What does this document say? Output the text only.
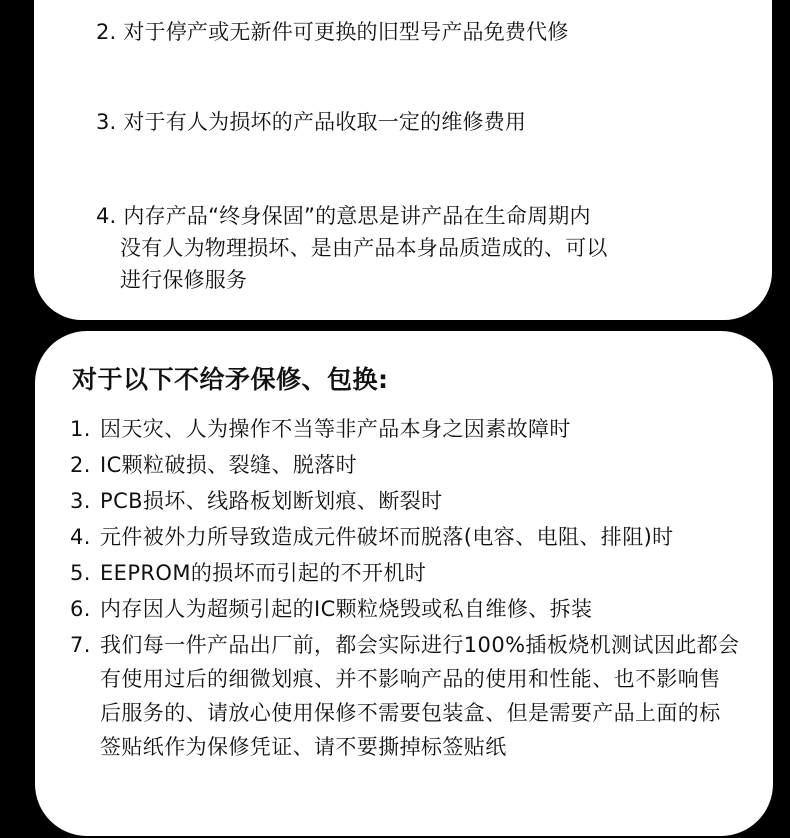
2. 对于停产或无新件可更换的旧型号产品免费代修
3. 对于有人为损坏的产品收取一定的维修费用
4. 内存产品“终身保固”的意思是讲产品在生命周期内
没有人为物理损坏、是由产品本身品质造成的、可以
进行保修服务
对于以下不给矛保修、包换:
1. 因天灾、人为操作不当等非产品本身之因素故障时
2. IC颗粒破损、裂缝、脱落时
3. PCB损坏、线路板划断划痕、断裂时
4. 元件被外力所导致造成元件破坏而脱落(电容、电阻、排阻)时
5. EEPROM的损坏而引起的不开机时
6. 内存因人为超频引起的IC颗粒烧毁或私自维修、拆装
7. 我们每一件产品出厂前，都会实际进行100%插板烧机测试因此都会有使用过后的细微划痕、并不影响产品的使用和性能、也不影响售后服务的、请放心使用保修不需要包装盒、但是需要产品上面的标签贴纸作为保修凭证、请不要撕掉标签贴纸
